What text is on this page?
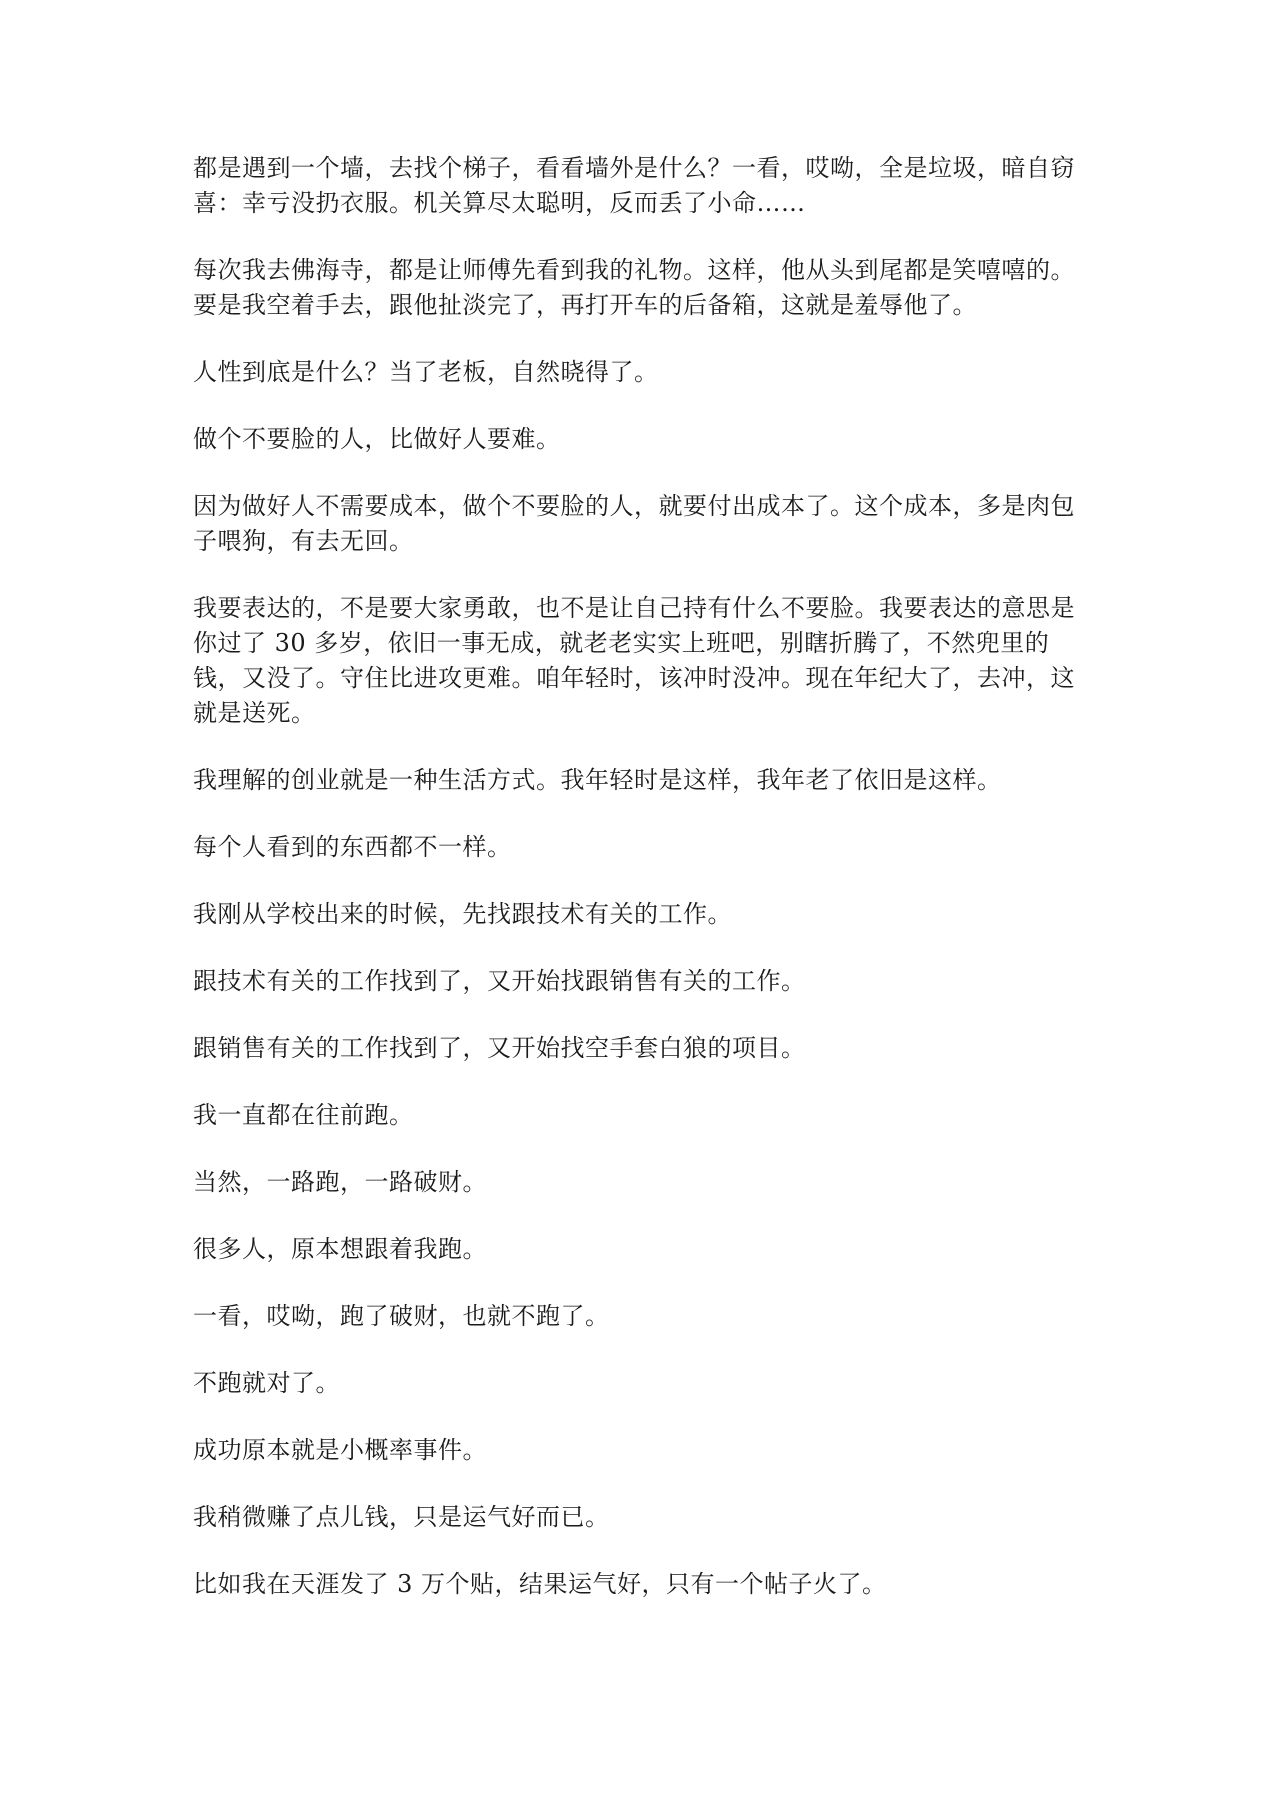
都是遇到一个墙，去找个梯子，看看墙外是什么？一看，哎呦，全是垃圾，暗自窃喜：幸亏没扔衣服。机关算尽太聪明，反而丢了小命……

每次我去佛海寺，都是让师傅先看到我的礼物。这样，他从头到尾都是笑嘻嘻的。要是我空着手去，跟他扯淡完了，再打开车的后备箱，这就是羞辱他了。

人性到底是什么？当了老板，自然晓得了。

做个不要脸的人，比做好人要难。

因为做好人不需要成本，做个不要脸的人，就要付出成本了。这个成本，多是肉包子喂狗，有去无回。

我要表达的，不是要大家勇敢，也不是让自己持有什么不要脸。我要表达的意思是你过了 30 多岁，依旧一事无成，就老老实实上班吧，别瞎折腾了，不然兜里的钱，又没了。守住比进攻更难。咱年轻时，该冲时没冲。现在年纪大了，去冲，这就是送死。

我理解的创业就是一种生活方式。我年轻时是这样，我年老了依旧是这样。

每个人看到的东西都不一样。

我刚从学校出来的时候，先找跟技术有关的工作。

跟技术有关的工作找到了，又开始找跟销售有关的工作。

跟销售有关的工作找到了，又开始找空手套白狼的项目。

我一直都在往前跑。

当然，一路跑，一路破财。

很多人，原本想跟着我跑。

一看，哎呦，跑了破财，也就不跑了。

不跑就对了。

成功原本就是小概率事件。

我稍微赚了点儿钱，只是运气好而已。

比如我在天涯发了 3 万个贴，结果运气好，只有一个帖子火了。
